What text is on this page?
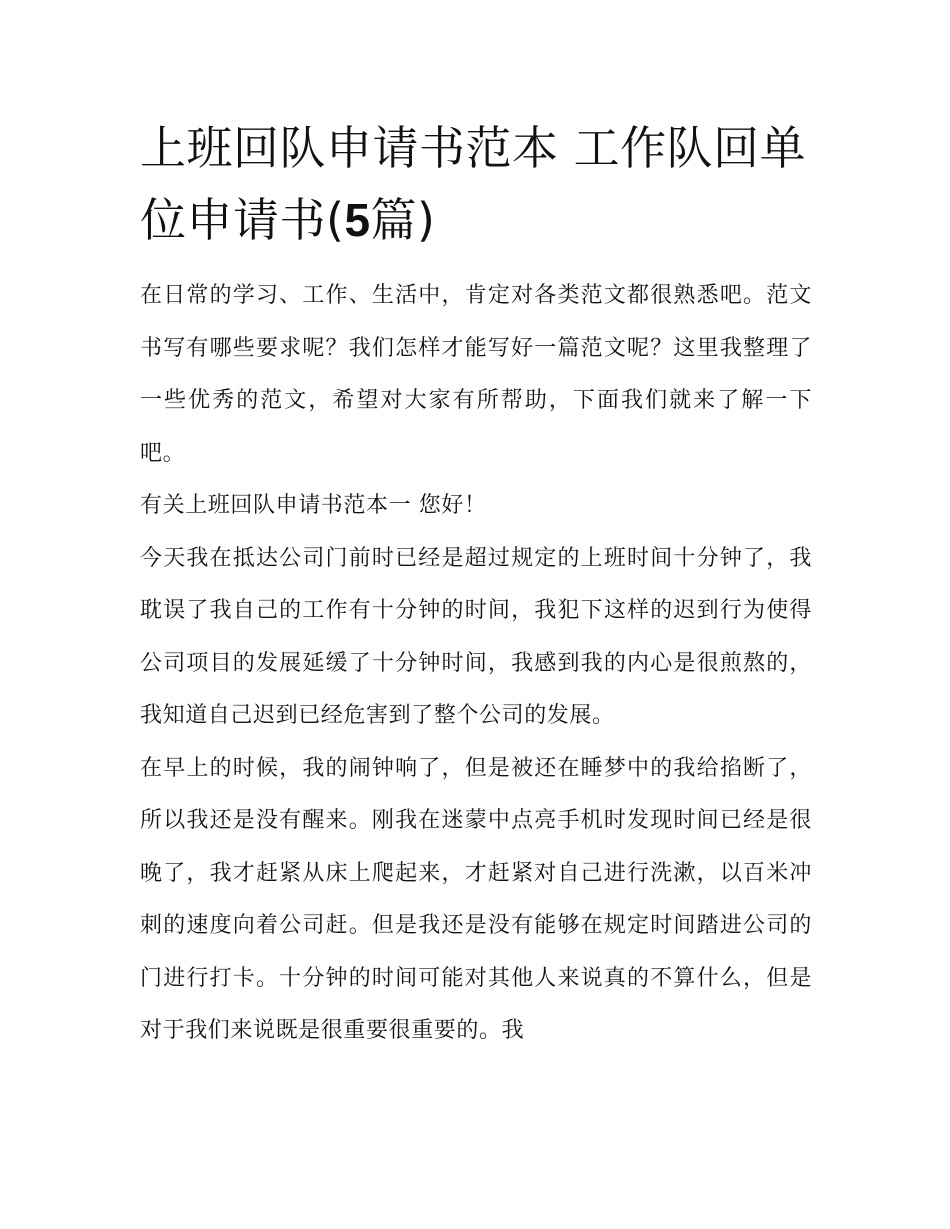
上班回队申请书范本 工作队回单位申请书(5篇)

在日常的学习、工作、生活中，肯定对各类范文都很熟悉吧。范文书写有哪些要求呢？我们怎样才能写好一篇范文呢？这里我整理了一些优秀的范文，希望对大家有所帮助，下面我们就来了解一下吧。

有关上班回队申请书范本一 您好！

今天我在抵达公司门前时已经是超过规定的上班时间十分钟了，我耽误了我自己的工作有十分钟的时间，我犯下这样的迟到行为使得公司项目的发展延缓了十分钟时间，我感到我的内心是很煎熬的，我知道自己迟到已经危害到了整个公司的发展。

在早上的时候，我的闹钟响了，但是被还在睡梦中的我给掐断了，所以我还是没有醒来。刚我在迷蒙中点亮手机时发现时间已经是很晚了，我才赶紧从床上爬起来，才赶紧对自己进行洗漱，以百米冲刺的速度向着公司赶。但是我还是没有能够在规定时间踏进公司的门进行打卡。十分钟的时间可能对其他人来说真的不算什么，但是对于我们来说既是很重要很重要的。我
